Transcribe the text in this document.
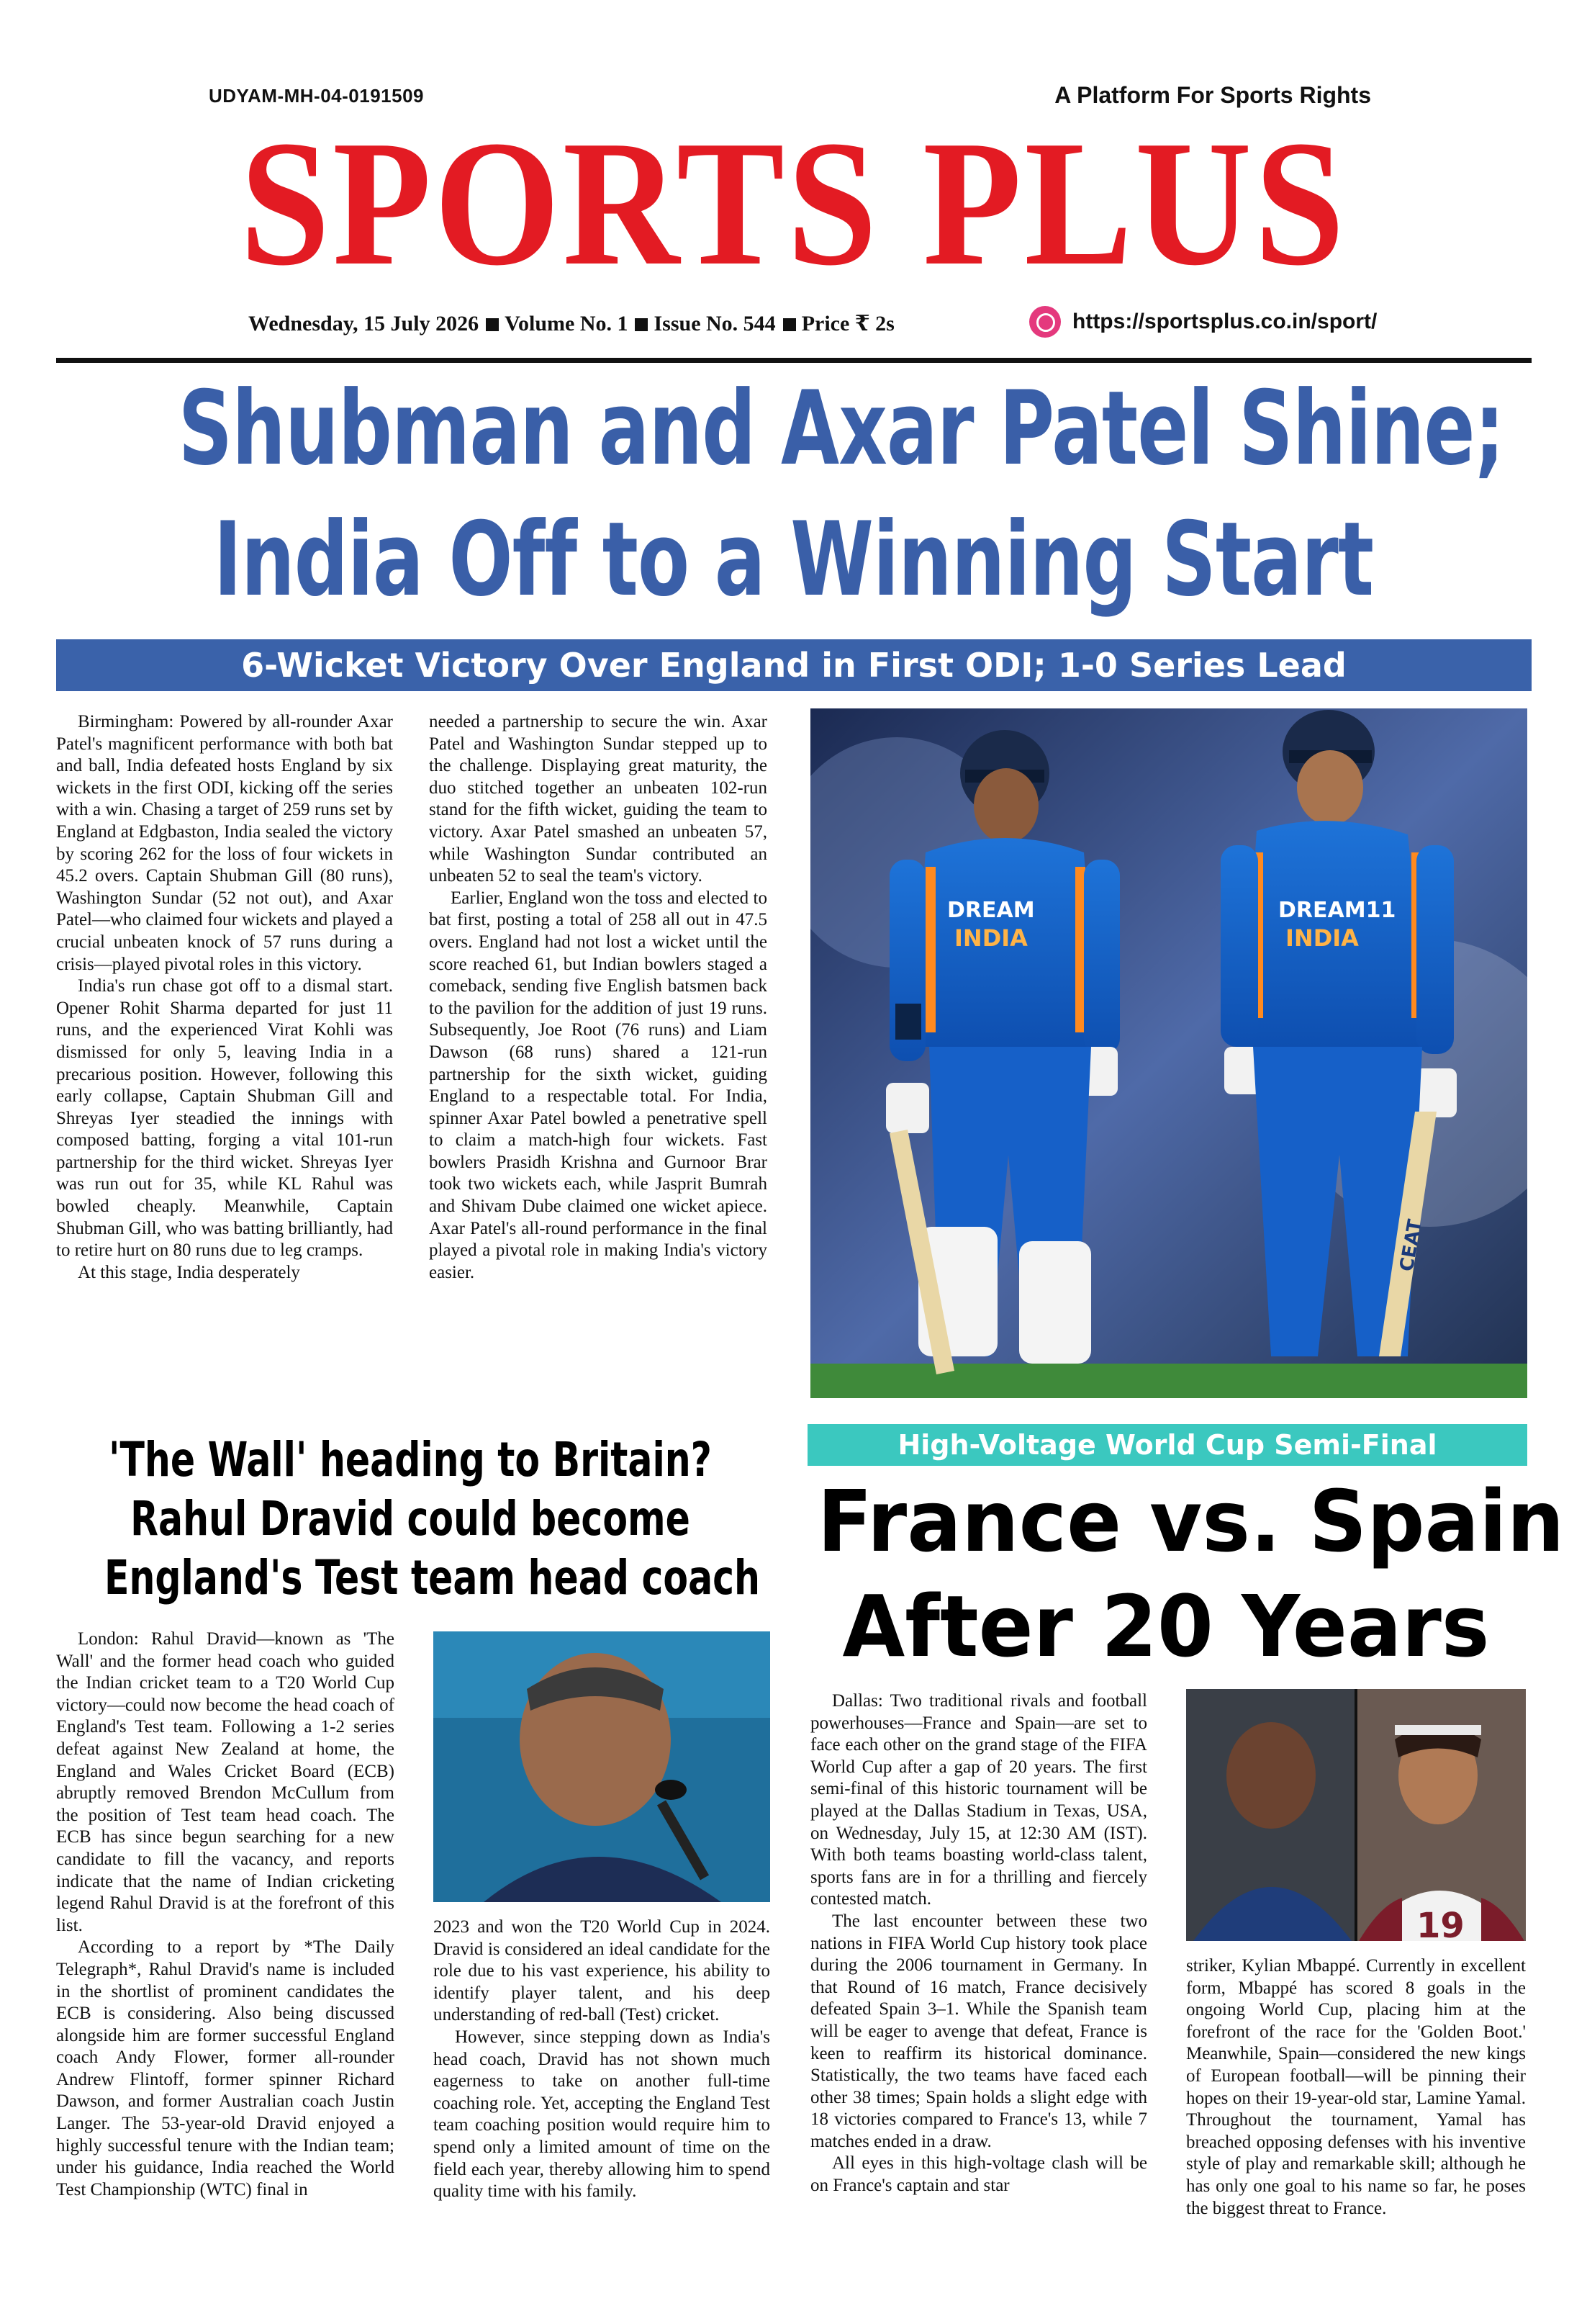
UDYAM-MH-04-0191509	A Platform For Sports Rights
SPORTS PLUS
Wednesday, 15 July 2026 Volume No. 1 Issue No. 544 Price ₹ 2s	https://sportsplus.co.in/sport/
Shubman and Axar Patel Shine;
India Off to a Winning Start
6-Wicket Victory Over England in First ODI; 1-0 Series Lead

Birmingham: Powered by all-rounder Axar Patel's magnificent performance with both bat and ball, India defeated hosts England by six wickets in the first ODI, kicking off the series with a win. Chasing a target of 259 runs set by England at Edgbaston, India sealed the victory by scoring 262 for the loss of four wickets in 45.2 overs. Captain Shubman Gill (80 runs), Washington Sundar (52 not out), and Axar Patel—who claimed four wickets and played a crucial unbeaten knock of 57 runs during a crisis—played pivotal roles in this victory.

India's run chase got off to a dismal start. Opener Rohit Sharma departed for just 11 runs, and the experienced Virat Kohli was dismissed for only 5, leaving India in a precarious position. However, following this early collapse, Captain Shubman Gill and Shreyas Iyer steadied the innings with composed batting, forging a vital 101-run partnership for the third wicket. Shreyas Iyer was run out for 35, while KL Rahul was bowled cheaply. Meanwhile, Captain Shubman Gill, who was batting brilliantly, had to retire hurt on 80 runs due to leg cramps.

At this stage, India desperately

needed a partnership to secure the win. Axar Patel and Washington Sundar stepped up to the challenge. Displaying great maturity, the duo stitched together an unbeaten 102-run stand for the fifth wicket, guiding the team to victory. Axar Patel smashed an unbeaten 57, while Washington Sundar contributed an unbeaten 52 to seal the team's victory.

Earlier, England won the toss and elected to bat first, posting a total of 258 all out in 47.5 overs. England had not lost a wicket until the score reached 61, but Indian bowlers staged a comeback, sending five English batsmen back to the pavilion for the addition of just 19 runs. Subsequently, Joe Root (76 runs) and Liam Dawson (68 runs) shared a 121-run partnership for the sixth wicket, guiding England to a respectable total. For India, spinner Axar Patel bowled a penetrative spell to claim a match-high four wickets. Fast bowlers Prasidh Krishna and Gurnoor Brar took two wickets each, while Jasprit Bumrah and Shivam Dube claimed one wicket apiece. Axar Patel's all-round performance in the final played a pivotal role in making India's victory easier.

DREAM
INDIA
DREAM11
INDIA
CEAT
'The Wall' heading to Britain?
Rahul Dravid could become
England's Test team head coach

London: Rahul Dravid—known as 'The Wall' and the former head coach who guided the Indian cricket team to a T20 World Cup victory—could now become the head coach of England's Test team. Following a 1-2 series defeat against New Zealand at home, the England and Wales Cricket Board (ECB) abruptly removed Brendon McCullum from the position of Test team head coach. The ECB has since begun searching for a new candidate to fill the vacancy, and reports indicate that the name of Indian cricketing legend Rahul Dravid is at the forefront of this list.

According to a report by *The Daily Telegraph*, Rahul Dravid's name is included in the shortlist of prominent candidates the ECB is considering. Also being discussed alongside him are former successful England coach Andy Flower, former all-rounder Andrew Flintoff, former spinner Richard Dawson, and former Australian coach Justin Langer. The 53-year-old Dravid enjoyed a highly successful tenure with the Indian team; under his guidance, India reached the World Test Championship (WTC) final in

2023 and won the T20 World Cup in 2024. Dravid is considered an ideal candidate for the role due to his vast experience, his ability to identify player talent, and his deep understanding of red-ball (Test) cricket.

However, since stepping down as India's head coach, Dravid has not shown much eagerness to take on another full-time coaching role. Yet, accepting the England Test team coaching position would require him to spend only a limited amount of time on the field each year, thereby allowing him to spend quality time with his family.

High-Voltage World Cup Semi-Final
France vs. Spain
After 20 Years

Dallas: Two traditional rivals and football powerhouses—France and Spain—are set to face each other on the grand stage of the FIFA World Cup after a gap of 20 years. The first semi-final of this historic tournament will be played at the Dallas Stadium in Texas, USA, on Wednesday, July 15, at 12:30 AM (IST). With both teams boasting world-class talent, sports fans are in for a thrilling and fiercely contested match.

The last encounter between these two nations in FIFA World Cup history took place during the 2006 tournament in Germany. In that Round of 16 match, France decisively defeated Spain 3–1. While the Spanish team will be eager to avenge that defeat, France is keen to reaffirm its historical dominance. Statistically, the two teams have faced each other 38 times; Spain holds a slight edge with 18 victories compared to France's 13, while 7 matches ended in a draw.

All eyes in this high-voltage clash will be on France's captain and star

19

striker, Kylian Mbappé. Currently in excellent form, Mbappé has scored 8 goals in the ongoing World Cup, placing him at the forefront of the race for the 'Golden Boot.' Meanwhile, Spain—considered the new kings of European football—will be pinning their hopes on their 19-year-old star, Lamine Yamal. Throughout the tournament, Yamal has breached opposing defenses with his inventive style of play and remarkable skill; although he has only one goal to his name so far, he poses the biggest threat to France.
